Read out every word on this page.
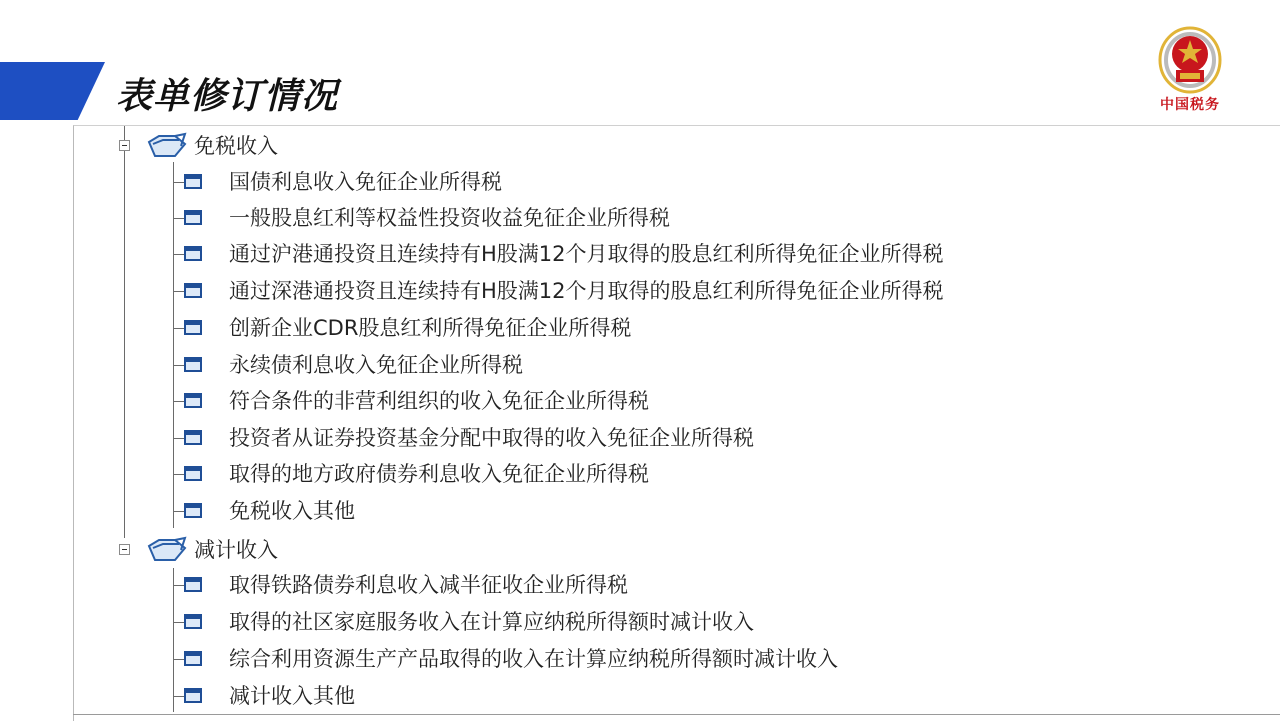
表单修订情况	中国税务
免税收入
国债利息收入免征企业所得税
一般股息红利等权益性投资收益免征企业所得税
通过沪港通投资且连续持有H股满12个月取得的股息红利所得免征企业所得税
通过深港通投资且连续持有H股满12个月取得的股息红利所得免征企业所得税
创新企业CDR股息红利所得免征企业所得税
永续债利息收入免征企业所得税
符合条件的非营利组织的收入免征企业所得税
投资者从证券投资基金分配中取得的收入免征企业所得税
取得的地方政府债券利息收入免征企业所得税
免税收入其他
减计收入
取得铁路债券利息收入减半征收企业所得税
取得的社区家庭服务收入在计算应纳税所得额时减计收入
综合利用资源生产产品取得的收入在计算应纳税所得额时减计收入
减计收入其他
